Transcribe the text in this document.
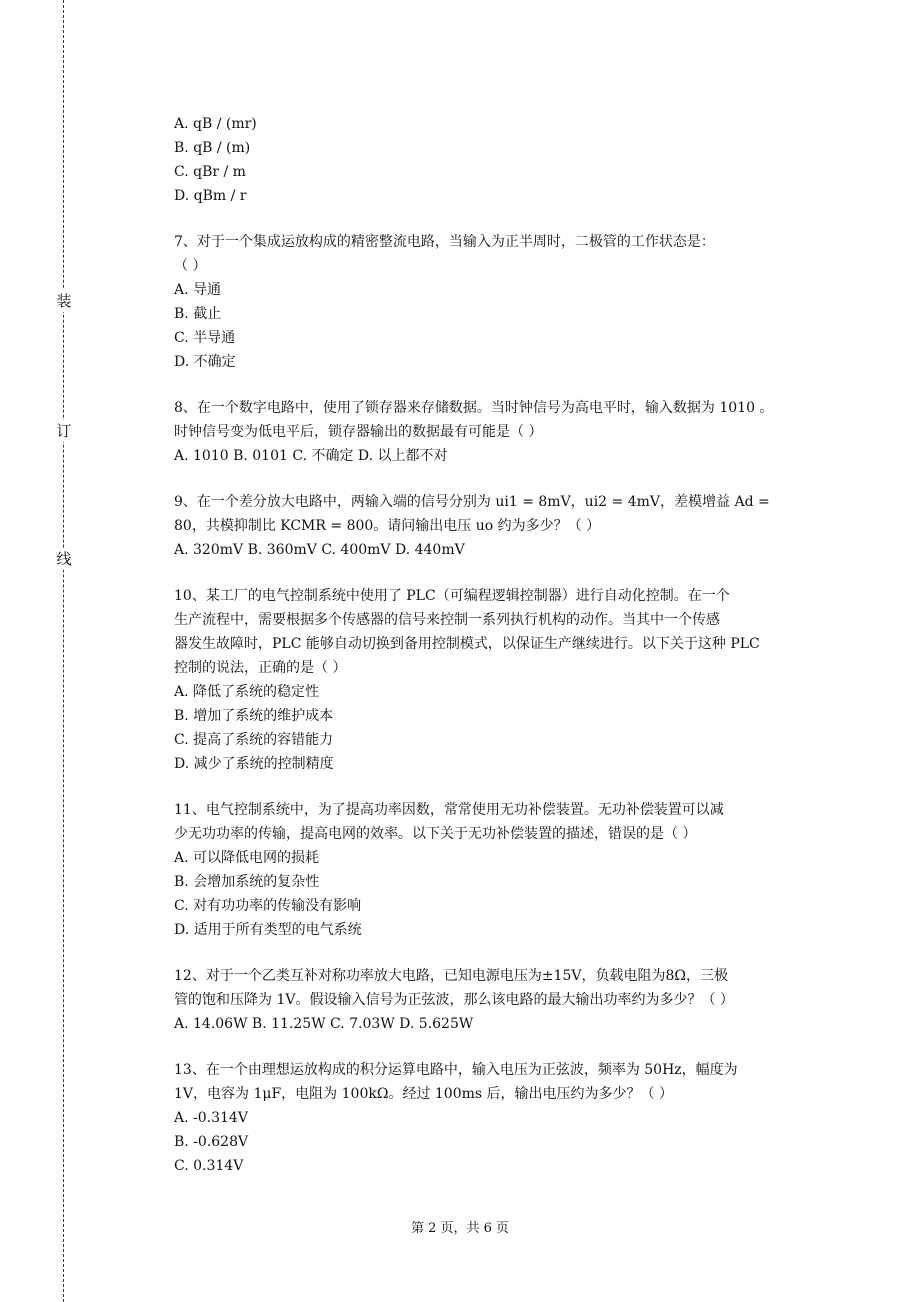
装
订
线
A. qB / (mr)
B. qB / (m)
C. qBr / m
D. qBm / r
7、对于一个集成运放构成的精密整流电路，当输入为正半周时，二极管的工作状态是：
（ ）
A. 导通
B. 截止
C. 半导通
D. 不确定
8、在一个数字电路中，使用了锁存器来存储数据。当时钟信号为高电平时，输入数据为 1010 。
时钟信号变为低电平后，锁存器输出的数据最有可能是（ ）
A. 1010 B. 0101 C. 不确定 D. 以上都不对
9、在一个差分放大电路中，两输入端的信号分别为 ui1 = 8mV，ui2 = 4mV，差模增益 Ad =
80，共模抑制比 KCMR = 800。请问输出电压 uo 约为多少？（ ）
A. 320mV B. 360mV C. 400mV D. 440mV
10、某工厂的电气控制系统中使用了 PLC（可编程逻辑控制器）进行自动化控制。在一个
生产流程中，需要根据多个传感器的信号来控制一系列执行机构的动作。当其中一个传感
器发生故障时，PLC 能够自动切换到备用控制模式，以保证生产继续进行。以下关于这种 PLC
控制的说法，正确的是（ ）
A. 降低了系统的稳定性
B. 增加了系统的维护成本
C. 提高了系统的容错能力
D. 减少了系统的控制精度
11、电气控制系统中，为了提高功率因数，常常使用无功补偿装置。无功补偿装置可以减
少无功功率的传输，提高电网的效率。以下关于无功补偿装置的描述，错误的是（ ）
A. 可以降低电网的损耗
B. 会增加系统的复杂性
C. 对有功功率的传输没有影响
D. 适用于所有类型的电气系统
12、对于一个乙类互补对称功率放大电路，已知电源电压为±15V，负载电阻为8Ω，三极
管的饱和压降为 1V。假设输入信号为正弦波，那么该电路的最大输出功率约为多少？（ ）
A. 14.06W B. 11.25W C. 7.03W D. 5.625W
13、在一个由理想运放构成的积分运算电路中，输入电压为正弦波，频率为 50Hz，幅度为
1V，电容为 1μF，电阻为 100kΩ。经过 100ms 后，输出电压约为多少？（ ）
A. -0.314V
B. -0.628V
C. 0.314V
第 2 页，共 6 页
